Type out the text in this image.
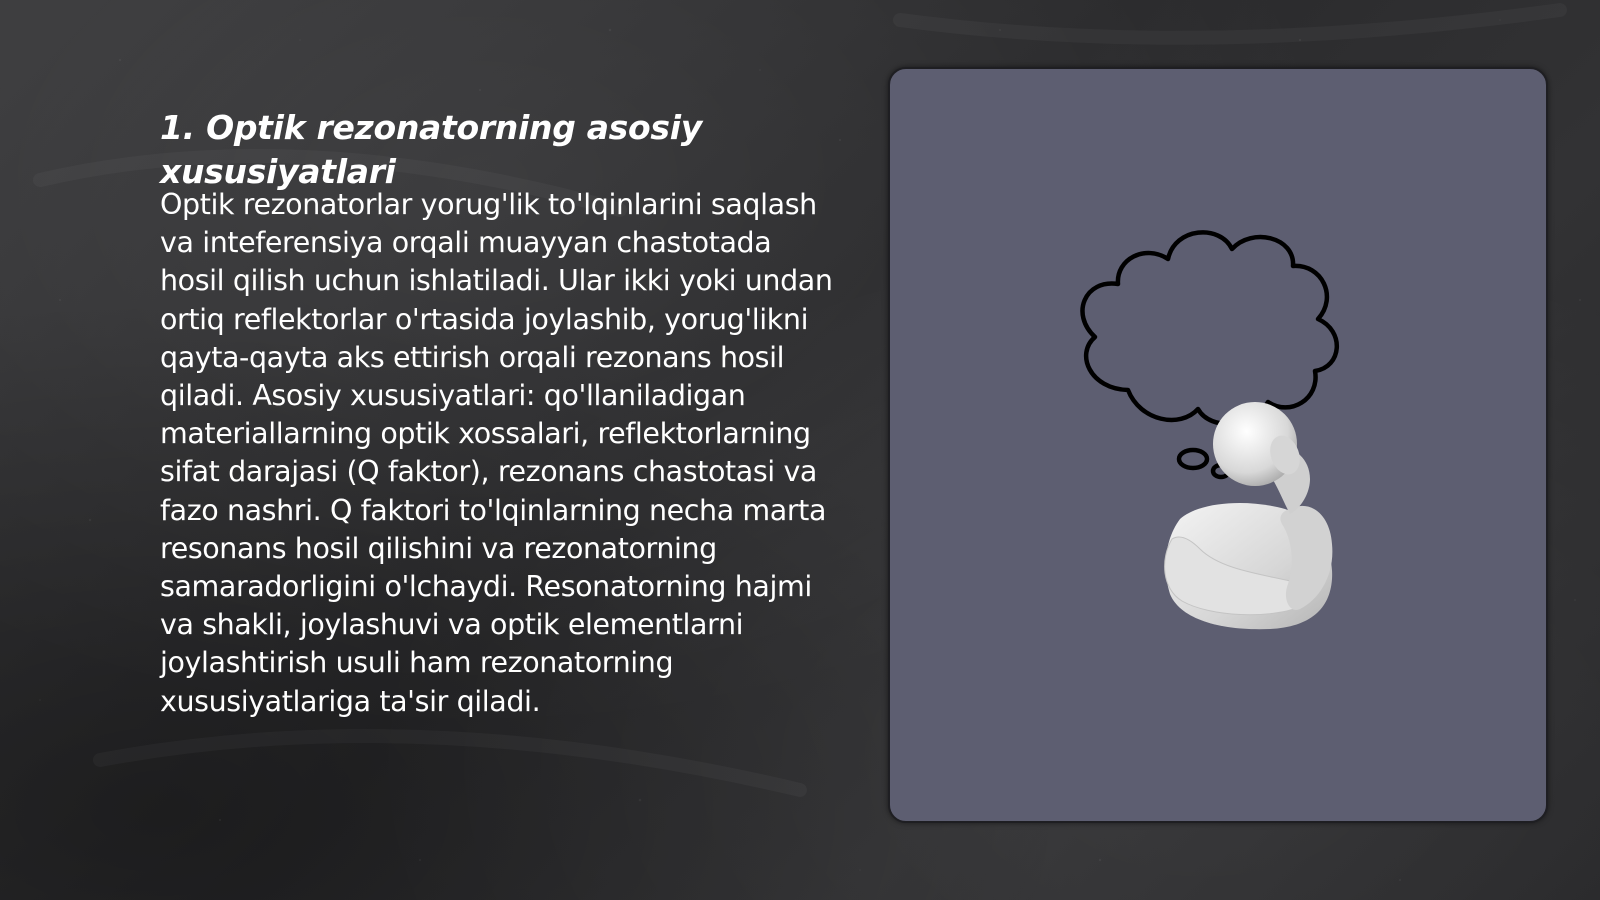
1. Optik rezonatorning asosiy xususiyatlari

Optik rezonatorlar yorug'lik to'lqinlarini saqlash va inteferensiya orqali muayyan chastotada hosil qilish uchun ishlatiladi. Ular ikki yoki undan ortiq reflektorlar o'rtasida joylashib, yorug'likni qayta-qayta aks ettirish orqali rezonans hosil qiladi. Asosiy xususiyatlari: qo'llaniladigan materiallarning optik xossalari, reflektorlarning sifat darajasi (Q faktor), rezonans chastotasi va fazo nashri. Q faktori to'lqinlarning necha marta resonans hosil qilishini va rezonatorning samaradorligini o'lchaydi. Resonatorning hajmi va shakli, joylashuvi va optik elementlarni joylashtirish usuli ham rezonatorning xususiyatlariga ta'sir qiladi.
